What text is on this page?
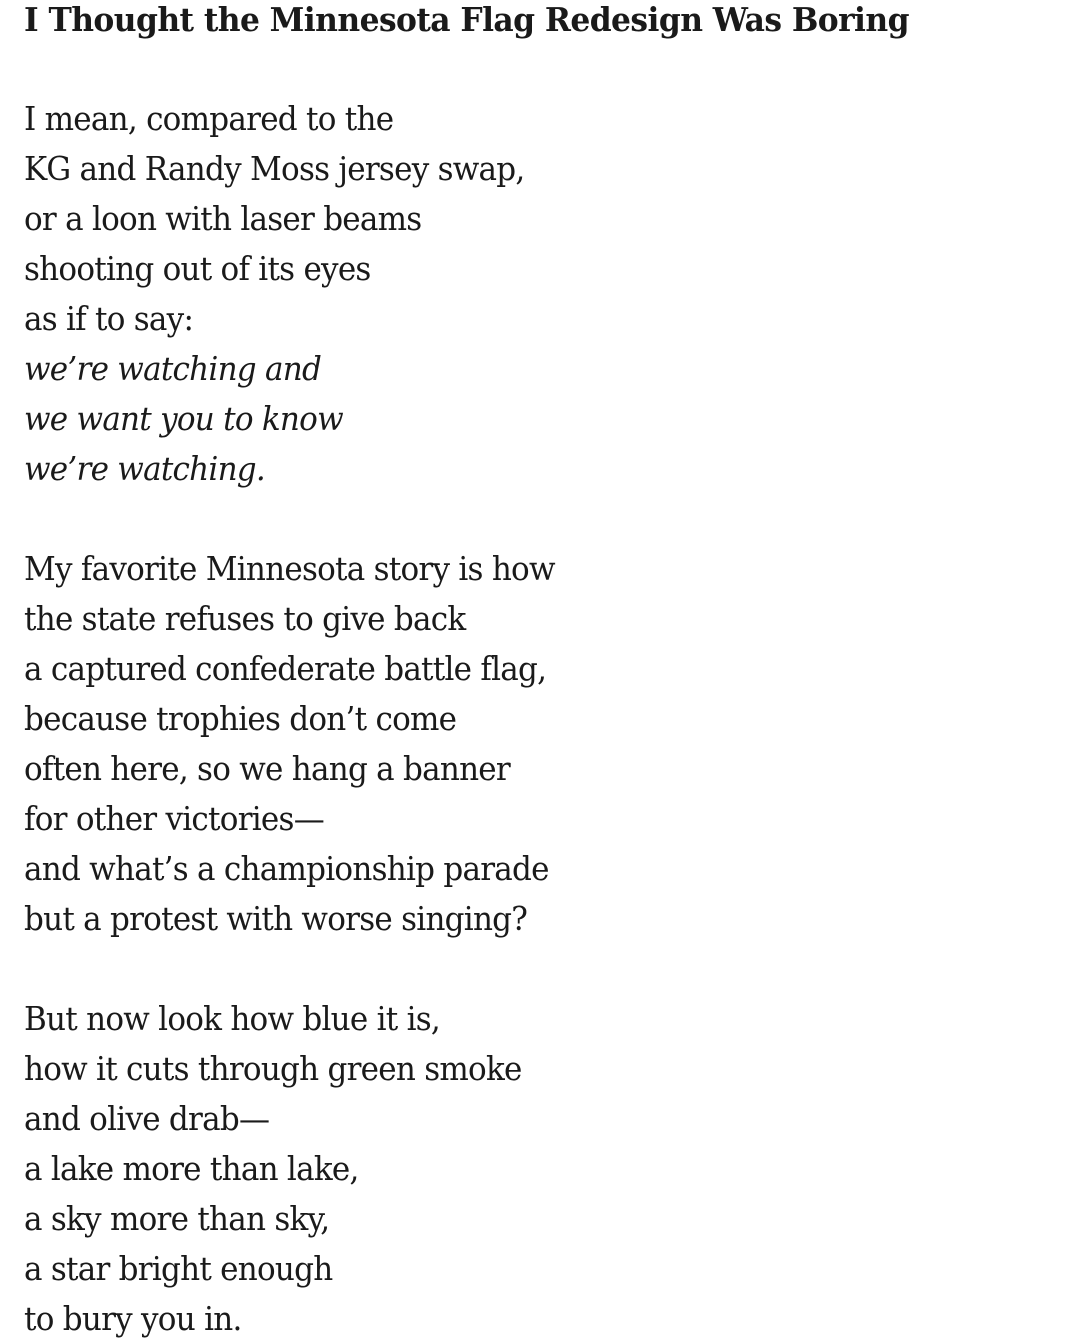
I Thought the Minnesota Flag Redesign Was Boring
I mean, compared to the
KG and Randy Moss jersey swap,
or a loon with laser beams
shooting out of its eyes
as if to say:
we’re watching and
we want you to know
we’re watching.
My favorite Minnesota story is how
the state refuses to give back
a captured confederate battle flag,
because trophies don’t come
often here, so we hang a banner
for other victories—
and what’s a championship parade
but a protest with worse singing?
But now look how blue it is,
how it cuts through green smoke
and olive drab—
a lake more than lake,
a sky more than sky,
a star bright enough
to bury you in.
